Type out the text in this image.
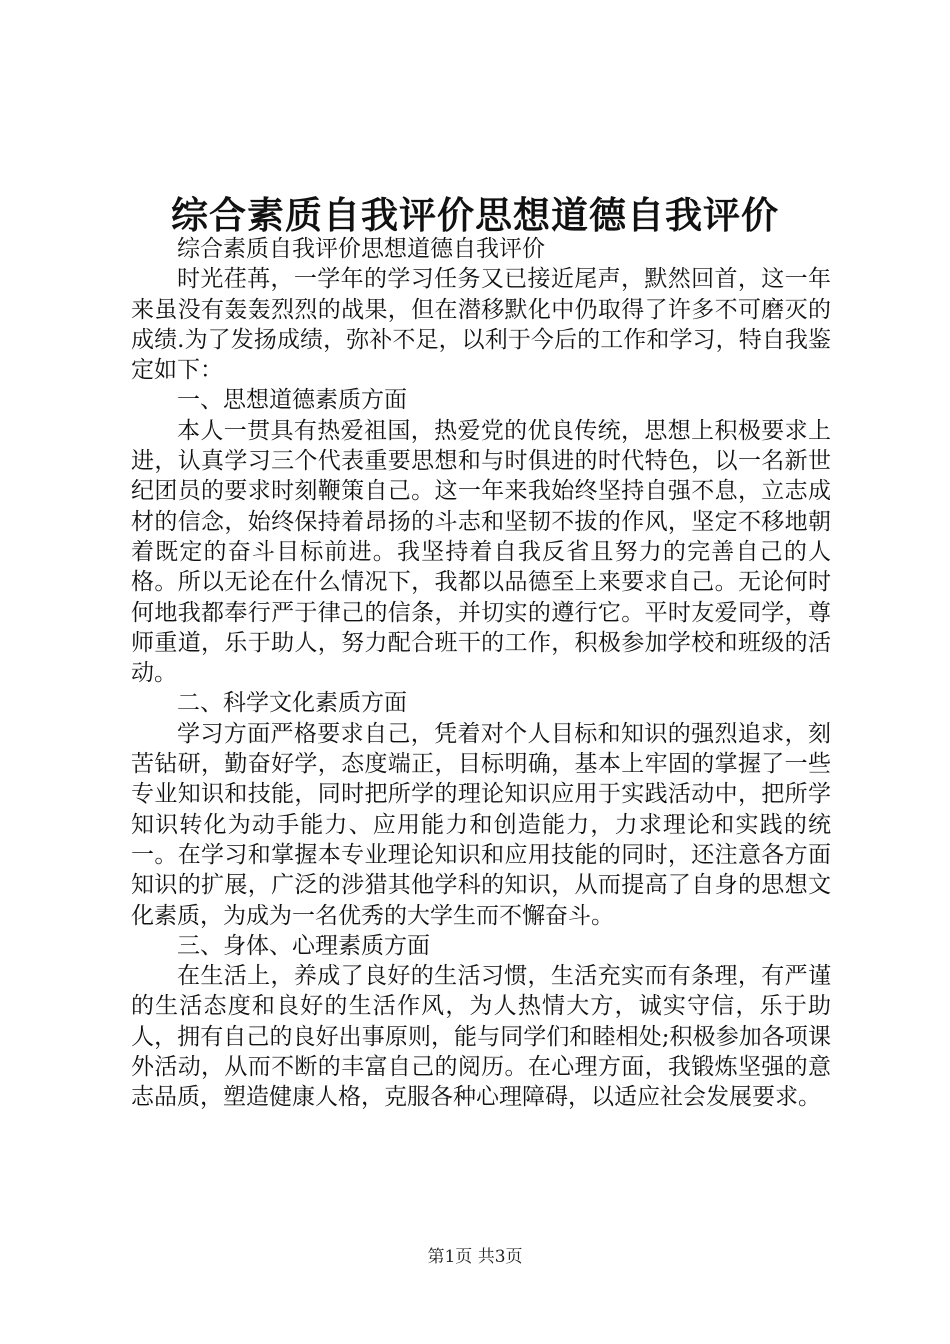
综合素质自我评价思想道德自我评价

综合素质自我评价思想道德自我评价

时光荏苒，一学年的学习任务又已接近尾声，默然回首，这一年来虽没有轰轰烈烈的战果，但在潜移默化中仍取得了许多不可磨灭的成绩.为了发扬成绩，弥补不足，以利于今后的工作和学习，特自我鉴定如下：

一、思想道德素质方面

本人一贯具有热爱祖国，热爱党的优良传统，思想上积极要求上进，认真学习三个代表重要思想和与时俱进的时代特色，以一名新世纪团员的要求时刻鞭策自己。这一年来我始终坚持自强不息，立志成材的信念，始终保持着昂扬的斗志和坚韧不拔的作风，坚定不移地朝着既定的奋斗目标前进。我坚持着自我反省且努力的完善自己的人格。所以无论在什么情况下，我都以品德至上来要求自己。无论何时何地我都奉行严于律己的信条，并切实的遵行它。平时友爱同学，尊师重道，乐于助人，努力配合班干的工作，积极参加学校和班级的活动。

二、科学文化素质方面

学习方面严格要求自己，凭着对个人目标和知识的强烈追求，刻苦钻研，勤奋好学，态度端正，目标明确，基本上牢固的掌握了一些专业知识和技能，同时把所学的理论知识应用于实践活动中，把所学知识转化为动手能力、应用能力和创造能力，力求理论和实践的统一。在学习和掌握本专业理论知识和应用技能的同时，还注意各方面知识的扩展，广泛的涉猎其他学科的知识，从而提高了自身的思想文化素质，为成为一名优秀的大学生而不懈奋斗。

三、身体、心理素质方面

在生活上，养成了良好的生活习惯，生活充实而有条理，有严谨的生活态度和良好的生活作风，为人热情大方，诚实守信，乐于助人，拥有自己的良好出事原则，能与同学们和睦相处;积极参加各项课外活动，从而不断的丰富自己的阅历。在心理方面，我锻炼坚强的意志品质，塑造健康人格，克服各种心理障碍，以适应社会发展要求。

第1页 共3页
